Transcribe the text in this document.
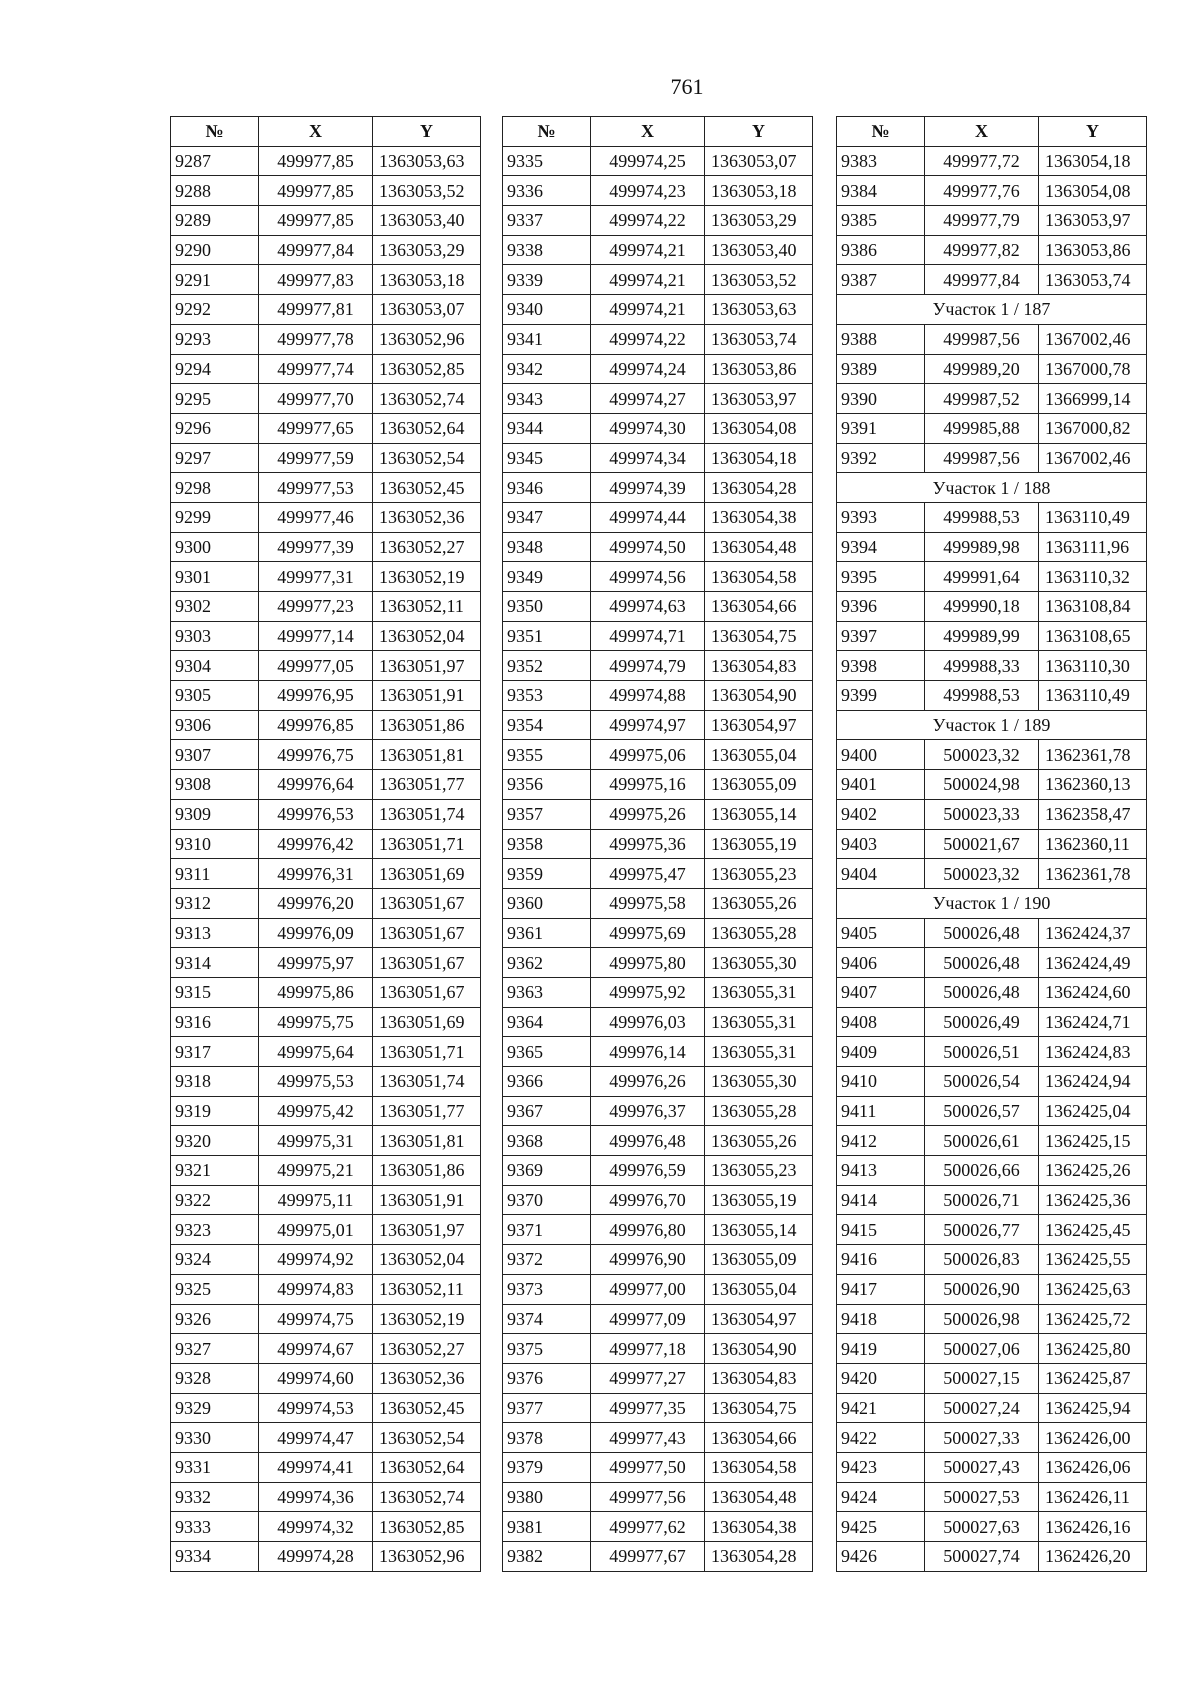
761
№	X	Y
9287	499977,85	1363053,63
9288	499977,85	1363053,52
9289	499977,85	1363053,40
9290	499977,84	1363053,29
9291	499977,83	1363053,18
9292	499977,81	1363053,07
9293	499977,78	1363052,96
9294	499977,74	1363052,85
9295	499977,70	1363052,74
9296	499977,65	1363052,64
9297	499977,59	1363052,54
9298	499977,53	1363052,45
9299	499977,46	1363052,36
9300	499977,39	1363052,27
9301	499977,31	1363052,19
9302	499977,23	1363052,11
9303	499977,14	1363052,04
9304	499977,05	1363051,97
9305	499976,95	1363051,91
9306	499976,85	1363051,86
9307	499976,75	1363051,81
9308	499976,64	1363051,77
9309	499976,53	1363051,74
9310	499976,42	1363051,71
9311	499976,31	1363051,69
9312	499976,20	1363051,67
9313	499976,09	1363051,67
9314	499975,97	1363051,67
9315	499975,86	1363051,67
9316	499975,75	1363051,69
9317	499975,64	1363051,71
9318	499975,53	1363051,74
9319	499975,42	1363051,77
9320	499975,31	1363051,81
9321	499975,21	1363051,86
9322	499975,11	1363051,91
9323	499975,01	1363051,97
9324	499974,92	1363052,04
9325	499974,83	1363052,11
9326	499974,75	1363052,19
9327	499974,67	1363052,27
9328	499974,60	1363052,36
9329	499974,53	1363052,45
9330	499974,47	1363052,54
9331	499974,41	1363052,64
9332	499974,36	1363052,74
9333	499974,32	1363052,85
9334	499974,28	1363052,96
№	X	Y
9335	499974,25	1363053,07
9336	499974,23	1363053,18
9337	499974,22	1363053,29
9338	499974,21	1363053,40
9339	499974,21	1363053,52
9340	499974,21	1363053,63
9341	499974,22	1363053,74
9342	499974,24	1363053,86
9343	499974,27	1363053,97
9344	499974,30	1363054,08
9345	499974,34	1363054,18
9346	499974,39	1363054,28
9347	499974,44	1363054,38
9348	499974,50	1363054,48
9349	499974,56	1363054,58
9350	499974,63	1363054,66
9351	499974,71	1363054,75
9352	499974,79	1363054,83
9353	499974,88	1363054,90
9354	499974,97	1363054,97
9355	499975,06	1363055,04
9356	499975,16	1363055,09
9357	499975,26	1363055,14
9358	499975,36	1363055,19
9359	499975,47	1363055,23
9360	499975,58	1363055,26
9361	499975,69	1363055,28
9362	499975,80	1363055,30
9363	499975,92	1363055,31
9364	499976,03	1363055,31
9365	499976,14	1363055,31
9366	499976,26	1363055,30
9367	499976,37	1363055,28
9368	499976,48	1363055,26
9369	499976,59	1363055,23
9370	499976,70	1363055,19
9371	499976,80	1363055,14
9372	499976,90	1363055,09
9373	499977,00	1363055,04
9374	499977,09	1363054,97
9375	499977,18	1363054,90
9376	499977,27	1363054,83
9377	499977,35	1363054,75
9378	499977,43	1363054,66
9379	499977,50	1363054,58
9380	499977,56	1363054,48
9381	499977,62	1363054,38
9382	499977,67	1363054,28
№	X	Y
9383	499977,72	1363054,18
9384	499977,76	1363054,08
9385	499977,79	1363053,97
9386	499977,82	1363053,86
9387	499977,84	1363053,74
Участок 1 / 187		
9388	499987,56	1367002,46
9389	499989,20	1367000,78
9390	499987,52	1366999,14
9391	499985,88	1367000,82
9392	499987,56	1367002,46
Участок 1 / 188		
9393	499988,53	1363110,49
9394	499989,98	1363111,96
9395	499991,64	1363110,32
9396	499990,18	1363108,84
9397	499989,99	1363108,65
9398	499988,33	1363110,30
9399	499988,53	1363110,49
Участок 1 / 189		
9400	500023,32	1362361,78
9401	500024,98	1362360,13
9402	500023,33	1362358,47
9403	500021,67	1362360,11
9404	500023,32	1362361,78
Участок 1 / 190		
9405	500026,48	1362424,37
9406	500026,48	1362424,49
9407	500026,48	1362424,60
9408	500026,49	1362424,71
9409	500026,51	1362424,83
9410	500026,54	1362424,94
9411	500026,57	1362425,04
9412	500026,61	1362425,15
9413	500026,66	1362425,26
9414	500026,71	1362425,36
9415	500026,77	1362425,45
9416	500026,83	1362425,55
9417	500026,90	1362425,63
9418	500026,98	1362425,72
9419	500027,06	1362425,80
9420	500027,15	1362425,87
9421	500027,24	1362425,94
9422	500027,33	1362426,00
9423	500027,43	1362426,06
9424	500027,53	1362426,11
9425	500027,63	1362426,16
9426	500027,74	1362426,20
